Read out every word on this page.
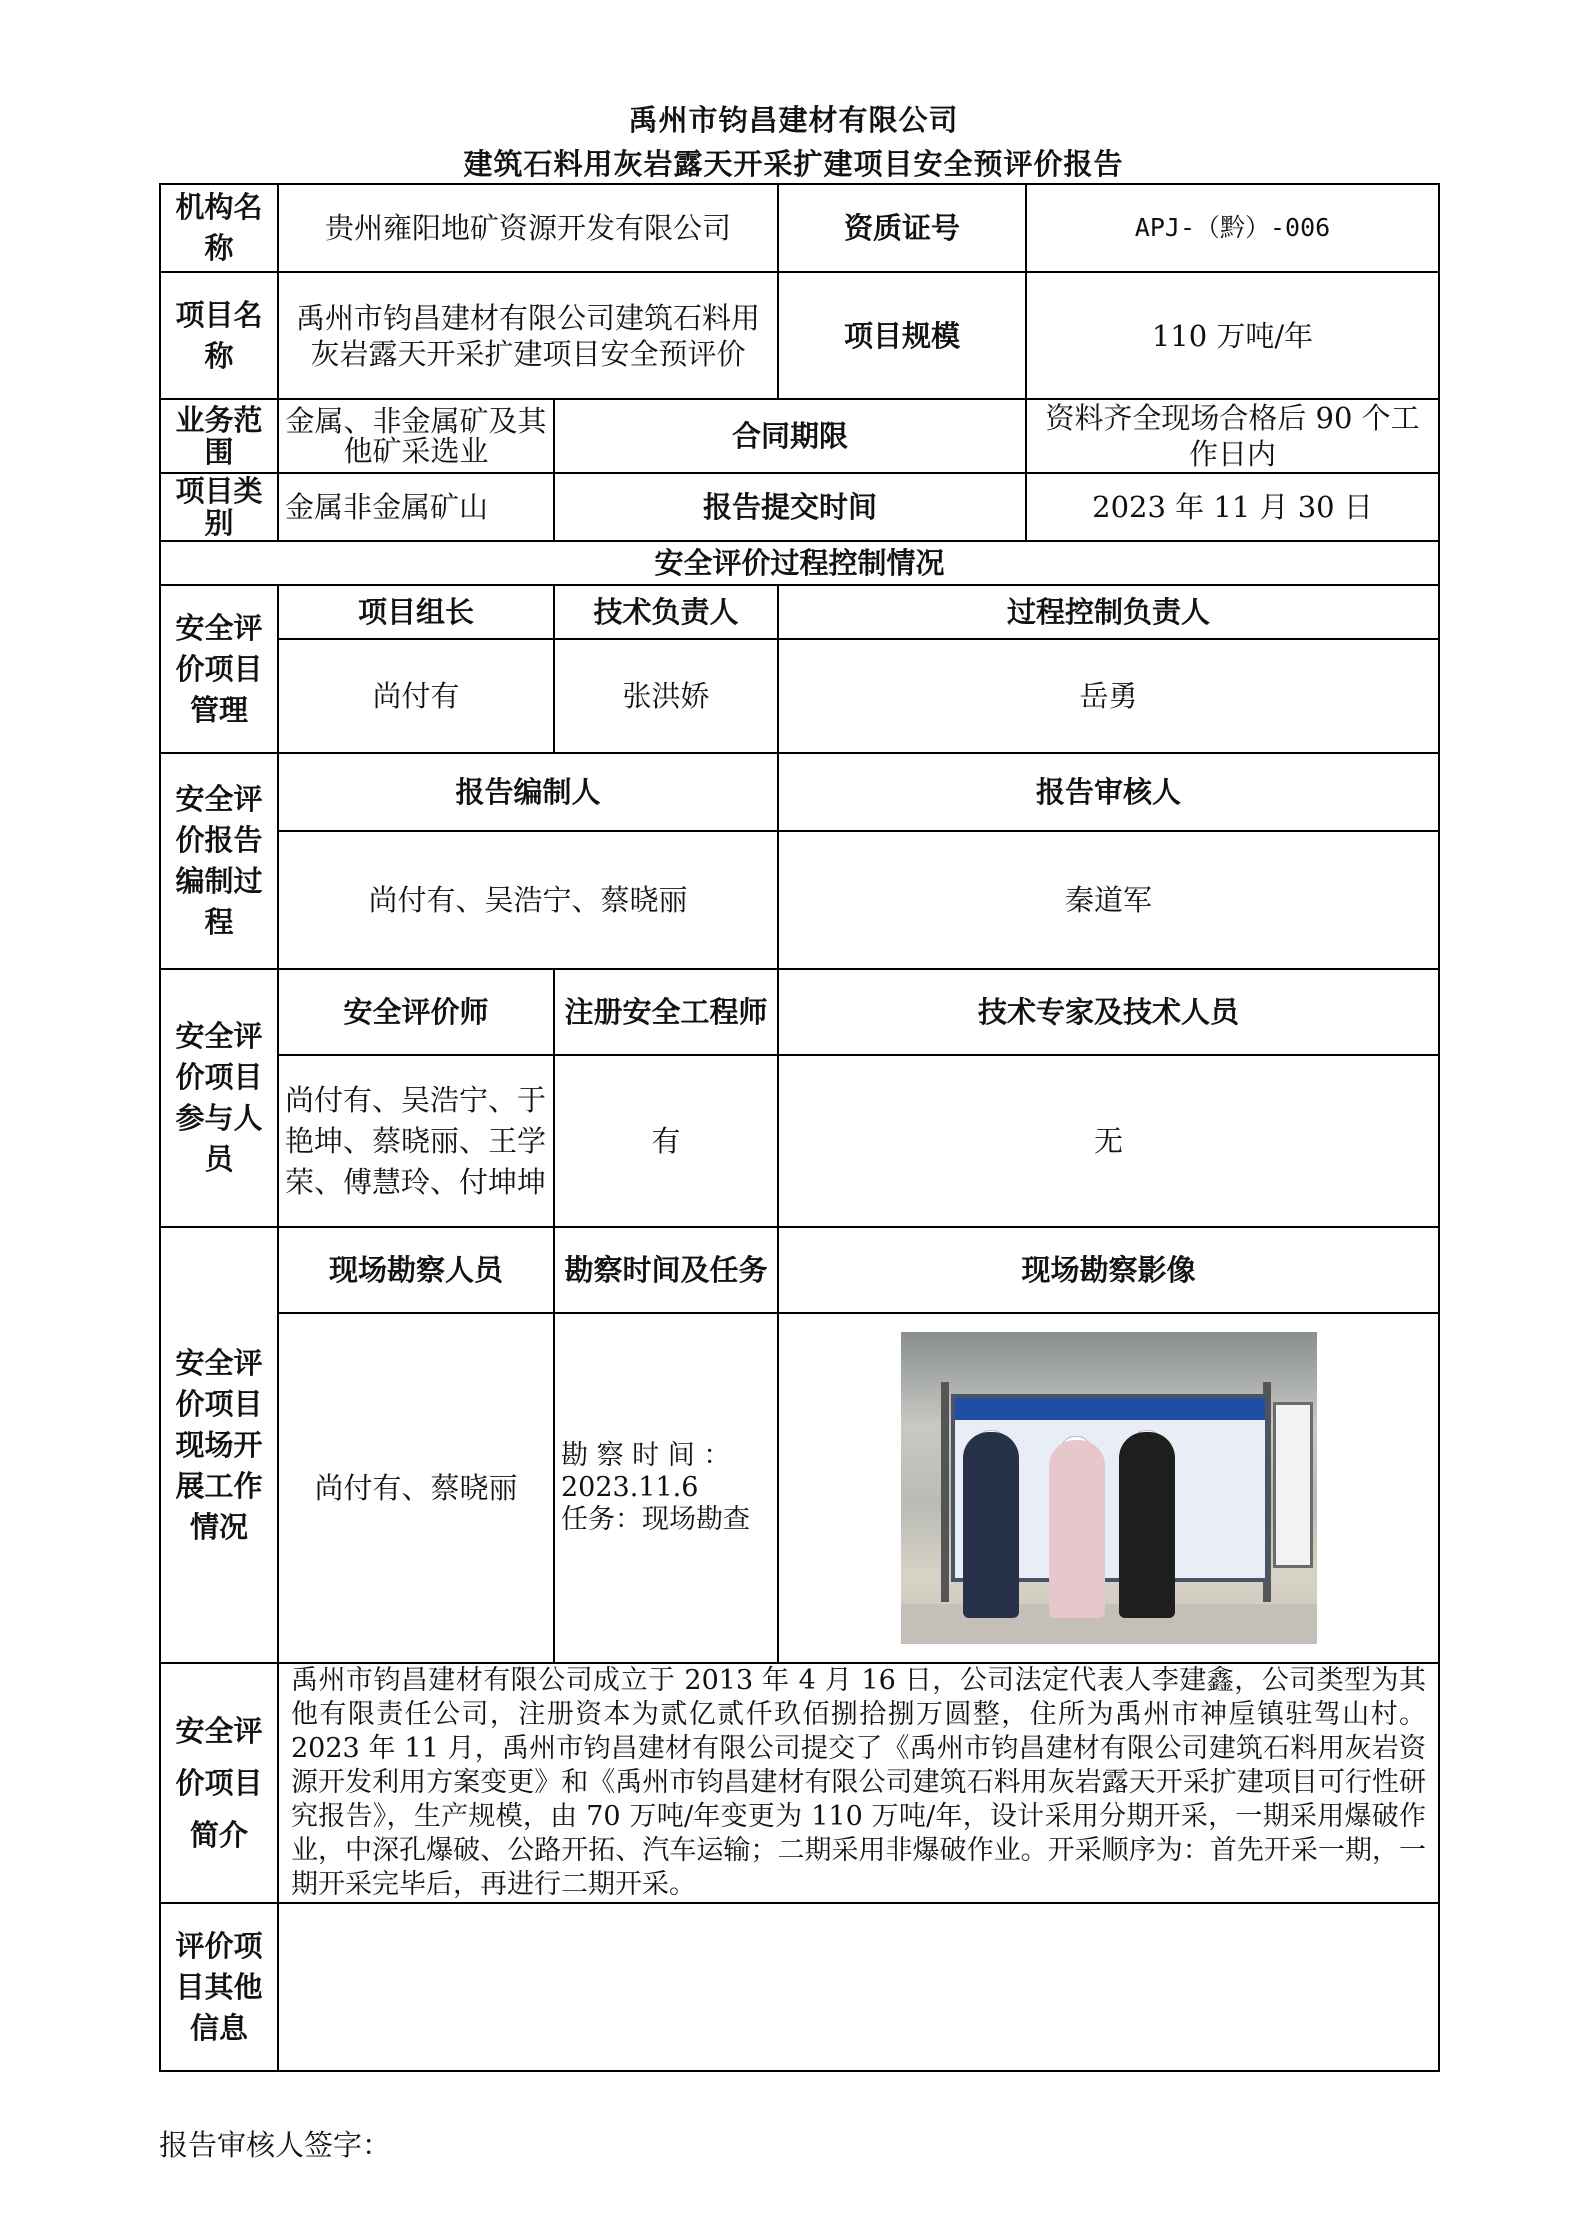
禹州市钧昌建材有限公司
建筑石料用灰岩露天开采扩建项目安全预评价报告
机构名称	贵州雍阳地矿资源开发有限公司		资质证号	APJ-（黔）-006
项目名称	禹州市钧昌建材有限公司建筑石料用灰岩露天开采扩建项目安全预评价		项目规模	110 万吨/年
业务范围	金属、非金属矿及其他矿采选业	合同期限		资料齐全现场合格后 90 个工作日内
项目类别	金属非金属矿山	报告提交时间		2023 年 11 月 30 日
安全评价过程控制情况				
安全评价项目管理	项目组长	技术负责人	过程控制负责人	
	尚付有	张洪娇	岳勇	
安全评价报告编制过程	报告编制人		报告审核人	
	尚付有、吴浩宁、蔡晓丽		秦道军	
安全评价项目参与人员	安全评价师	注册安全工程师	技术专家及技术人员	
	尚付有、吴浩宁、于艳坤、蔡晓丽、王学荣、傅慧玲、付坤坤	有	无	
安全评价项目现场开展工作情况	现场勘察人员	勘察时间及任务	现场勘察影像	
	尚付有、蔡晓丽	勘 察 时 间 ：
2023.11.6
任务：现场勘查		

安全评价项目简介	禹州市钧昌建材有限公司成立于 2013 年 4 月 16 日，公司法定代表人李建鑫，公司类型为其他有限责任公司，注册资本为贰亿贰仟玖佰捌拾捌万圆整，住所为禹州市神垕镇驻驾山村。2023 年 11 月，禹州市钧昌建材有限公司提交了《禹州市钧昌建材有限公司建筑石料用灰岩资源开发利用方案变更》和《禹州市钧昌建材有限公司建筑石料用灰岩露天开采扩建项目可行性研究报告》，生产规模，由 70 万吨/年变更为 110 万吨/年，设计采用分期开采，一期采用爆破作业，中深孔爆破、公路开拓、汽车运输；二期采用非爆破作业。开采顺序为：首先开采一期，一期开采完毕后，再进行二期开采。			
评价项目其他信息				
报告审核人签字：
